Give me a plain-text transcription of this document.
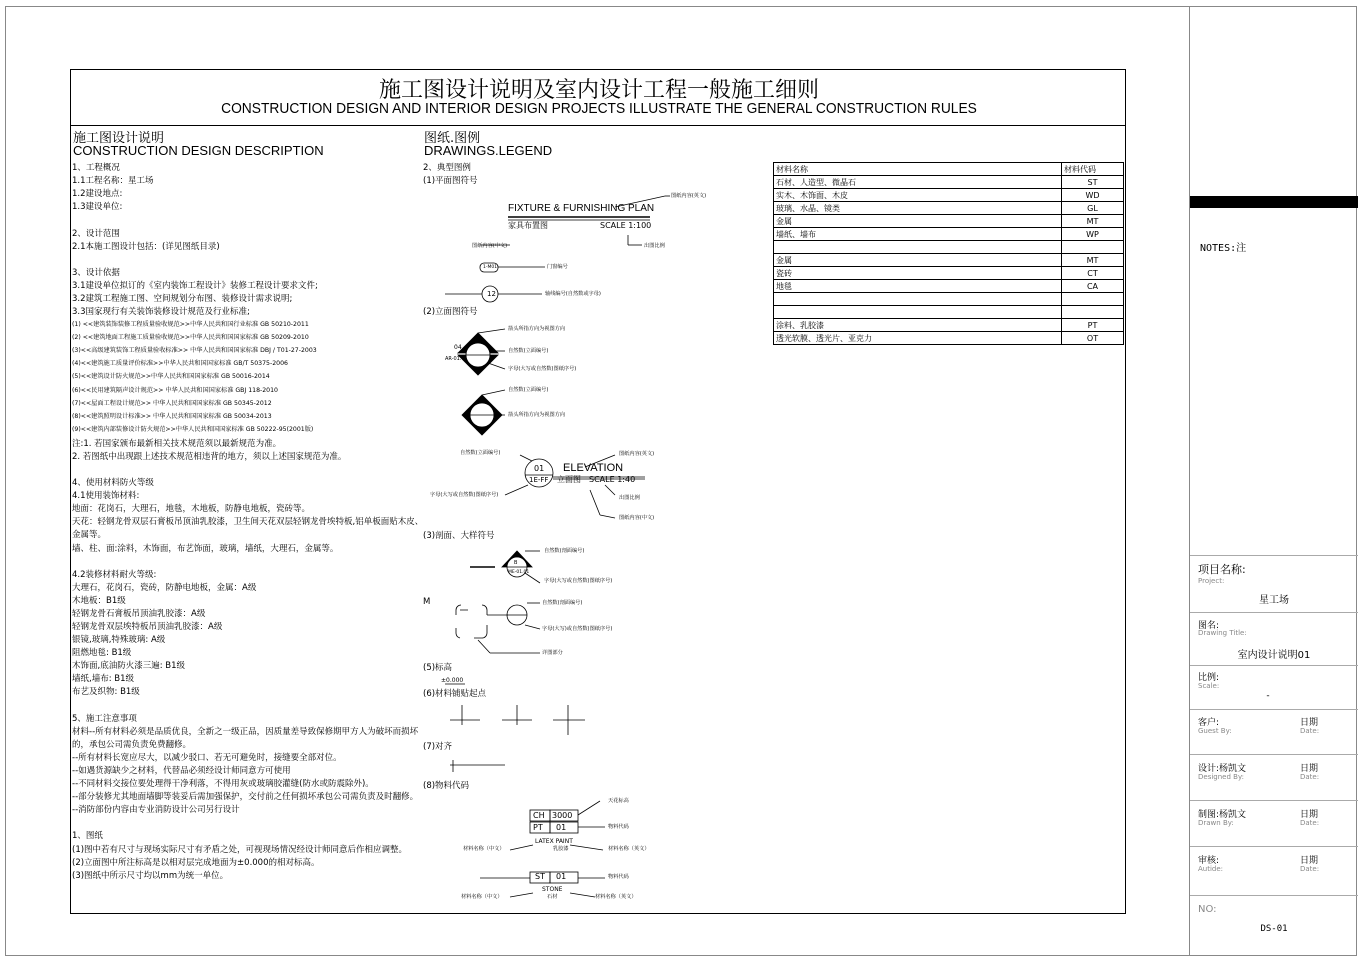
施工图设计说明及室内设计工程一般施工细则
CONSTRUCTION DESIGN AND INTERIOR DESIGN PROJECTS ILLUSTRATE THE GENERAL CONSTRUCTION RULES
施工图设计说明
CONSTRUCTION DESIGN DESCRIPTION
1、工程概况
1.1工程名称：星工场
1.2建设地点:
1.3建设单位:
2、设计范围
2.1本施工图设计包括：(详见图纸目录)
3、设计依据
3.1建设单位拟订的《室内装饰工程设计》装修工程设计要求文件;
3.2建筑工程施工图、空间规划分布图、装修设计需求说明;
3.3国家现行有关装饰装修设计规范及行业标准;
(1) <<建筑装饰装修工程质量验收规范>>中华人民共和国行业标准 GB 50210-2011
(2) <<建筑地面工程施工质量验收规范>>中华人民共和国国家标准 GB 50209-2010
(3)<<高级建筑装饰工程质量验收标准>> 中华人民共和国国家标准 DBJ / T01-27-2003
(4)<<建筑施工质量评价标准>>中华人民共和国国家标准 GB/T 50375-2006
(5)<<建筑设计防火规范>>中华人民共和国国家标准 GB 50016-2014
(6)<<民用建筑隔声设计规范>> 中华人民共和国国家标准 GBJ 118-2010
(7)<<屋面工程设计规范>> 中华人民共和国国家标准 GB 50345-2012
(8)<<建筑照明设计标准>> 中华人民共和国国家标准 GB 50034-2013
(9)<<建筑内部装修设计防火规范>>中华人民共和国国家标准 GB 50222-95(2001版)
注:1. 若国家颁布最新相关技术规范须以最新规范为准。
2. 若图纸中出现跟上述技术规范相违背的地方，须以上述国家规范为准。
4、使用材料防火等级
4.1使用装饰材料:
地面：花岗石，大理石，地毯，木地板，防静电地板，瓷砖等。
天花：轻钢龙骨双层石膏板吊顶油乳胶漆，卫生间天花双层轻钢龙骨埃特板,铝单板面贴木皮、
金属等。
墙、柱、面:涂料，木饰面，布艺饰面，玻璃，墙纸，大理石，金属等。
4.2装修材料耐火等级:
大理石，花岗石，瓷砖，防静电地板，金属：A级
木地板：B1级
轻钢龙骨石膏板吊顶油乳胶漆：A级
轻钢龙骨双层埃特板吊顶油乳胶漆：A级
银镜,玻璃,特殊玻璃: A级
阻燃地毯: B1级
木饰面,底油防火漆三遍: B1级
墙纸,墙布: B1级
布艺及织物: B1级
5、施工注意事项
材料--所有材料必须是品质优良，全新之一级正品，因质量差导致保修期甲方人为破坏而损坏
的，承包公司需负责免费翻修。
--所有材料长宽应尽大，以减少驳口、若无可避免时，接缝要全部对位。
--如遇货源缺少之材料，代替品必须经设计师同意方可使用
--不同材料交接位要处理得干净利落，不得用灰或玻璃胶灌缝(防水或防震除外)。
--部分装修尤其地面墙脚等装妥后需加强保护，交付前之任何损坏承包公司需负责及时翻修。
--消防部份内容由专业消防设计公司另行设计
1、图纸
(1)图中若有尺寸与现场实际尺寸有矛盾之处，可视现场情况经设计师同意后作相应调整。
(2)立面图中所注标高是以相对层完成地面为±0.000的相对标高。
(3)图纸中所示尺寸均以mm为统一单位。
图纸.图例
DRAWINGS.LEGEND
2、典型图例
(1)平面图符号
(2)立面图符号
(3)剖面、大样符号
M
(5)标高
(6)材料铺贴起点
(7)对齐
(8)物料代码
FIXTURE & FURNISHING PLAN
家具布置图	SCALE 1:100
图纸内容(英文)
图纸内容(中文)	出图比例
1-M01	门窗编号
12	轴线编号(自然数或字母)
箭头所指方向为视图方向
自然数(立面编号)
字母(大写或自然数(图纸序号)
04
AR-01.01
自然数(立面编号)
箭头所指方向为视图方向
ELEVATION
立面图 SCALE 1:40
01
1E-FF
自然数(立面编号)	图纸内容(英文)
字母(大写或自然数(图纸序号)	出图比例
图纸内容(中文)
自然数(剖面编号)
字母(大写或自然数(图纸序号)
B
ME-01.01
自然数(剖面编号)
字母(大写)或自然数(图纸序号)
详图部分
±0.000
天花标高
CH 3000
PT 01	物料代码
LATEX PAINT
乳胶漆
材料名称（中文）	材料名称（英文）
ST 01	物料代码
STONE
石材
材料名称（中文）	材料名称（英文）
材料名称	材料代码
石材、人造型、微晶石	ST
实木、木饰面、木皮	WD
玻璃、水晶、镜类	GL
金属	MT
墙纸、墙布	WP

金属	MT
瓷砖	CT
地毯	CA

涂料、乳胶漆	PT
透光软膜、透光片、亚克力	OT
NOTES:注
项目名称:
Project:
星工场
图名:
Drawing Title:
室内设计说明01
比例:
Scale:
-
客户:
Guest By:
日期
Date:
设计:杨凯文
Designed By:
日期
Date:
制图:杨凯文
Drawn By:
日期
Date:
审核:
Autide:
日期
Date:
NO:
DS-01
